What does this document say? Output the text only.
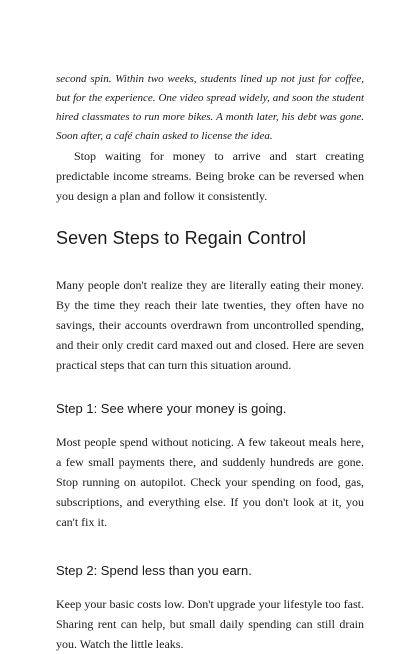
second spin. Within two weeks, students lined up not just for coffee, but for the experience. One video spread widely, and soon the student hired classmates to run more bikes. A month later, his debt was gone. Soon after, a café chain asked to license the idea.

Stop waiting for money to arrive and start creating predictable income streams. Being broke can be reversed when you design a plan and follow it consistently.

Seven Steps to Regain Control

Many people don't realize they are literally eating their money. By the time they reach their late twenties, they often have no savings, their accounts overdrawn from uncontrolled spending, and their only credit card maxed out and closed. Here are seven practical steps that can turn this situation around.

Step 1: See where your money is going.

Most people spend without noticing. A few takeout meals here, a few small payments there, and suddenly hundreds are gone. Stop running on autopilot. Check your spending on food, gas, subscriptions, and everything else. If you don't look at it, you can't fix it.

Step 2: Spend less than you earn.

Keep your basic costs low. Don't upgrade your lifestyle too fast. Sharing rent can help, but small daily spending can still drain you. Watch the little leaks.
